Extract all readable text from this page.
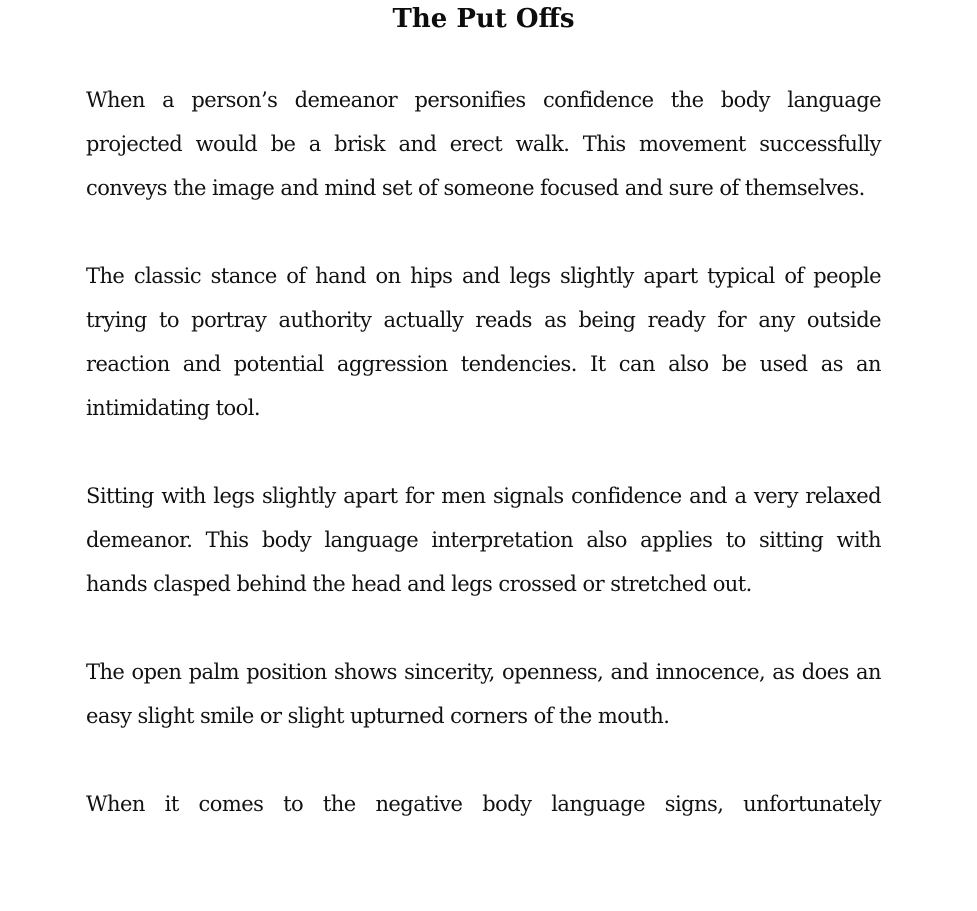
The Put Offs

When a person’s demeanor personifies confidence the body language projected would be a brisk and erect walk. This movement successfully conveys the image and mind set of someone focused and sure of themselves.

The classic stance of hand on hips and legs slightly apart typical of people trying to portray authority actually reads as being ready for any outside reaction and potential aggression tendencies. It can also be used as an intimidating tool.

Sitting with legs slightly apart for men signals confidence and a very relaxed demeanor. This body language interpretation also applies to sitting with hands clasped behind the head and legs crossed or stretched out.

The open palm position shows sincerity, openness, and innocence, as does an easy slight smile or slight upturned corners of the mouth.

When it comes to the negative body language signs, unfortunately
